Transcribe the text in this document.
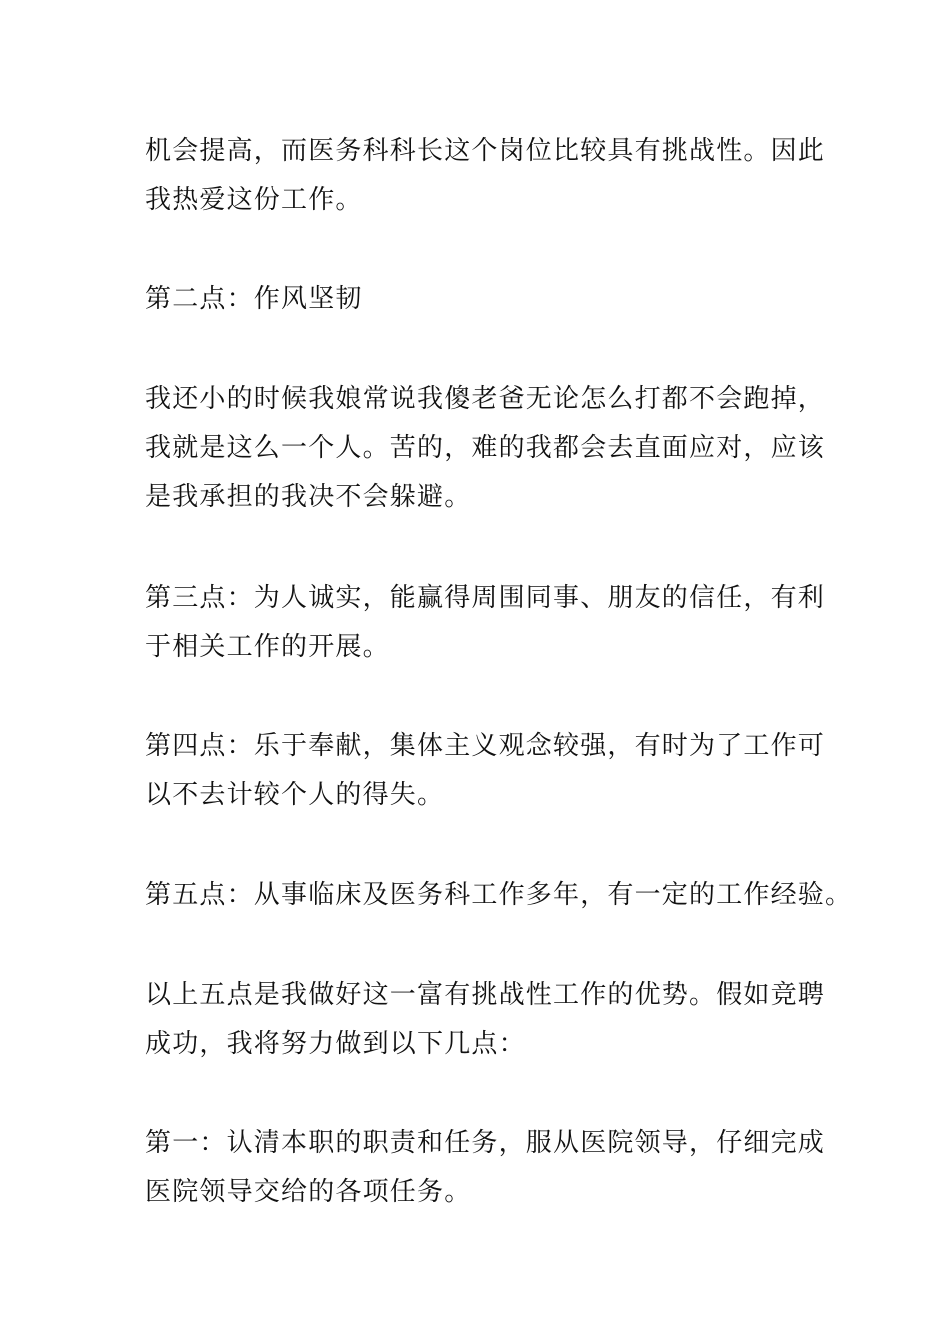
机会提高，而医务科科长这个岗位比较具有挑战性。因此
我热爱这份工作。

第二点：作风坚韧

我还小的时候我娘常说我傻老爸无论怎么打都不会跑掉，
我就是这么一个人。苦的，难的我都会去直面应对，应该
是我承担的我决不会躲避。

第三点：为人诚实，能赢得周围同事、朋友的信任，有利
于相关工作的开展。

第四点：乐于奉献，集体主义观念较强，有时为了工作可
以不去计较个人的得失。

第五点：从事临床及医务科工作多年，有一定的工作经验。

以上五点是我做好这一富有挑战性工作的优势。假如竞聘
成功，我将努力做到以下几点：

第一：认清本职的职责和任务，服从医院领导，仔细完成
医院领导交给的各项任务。
